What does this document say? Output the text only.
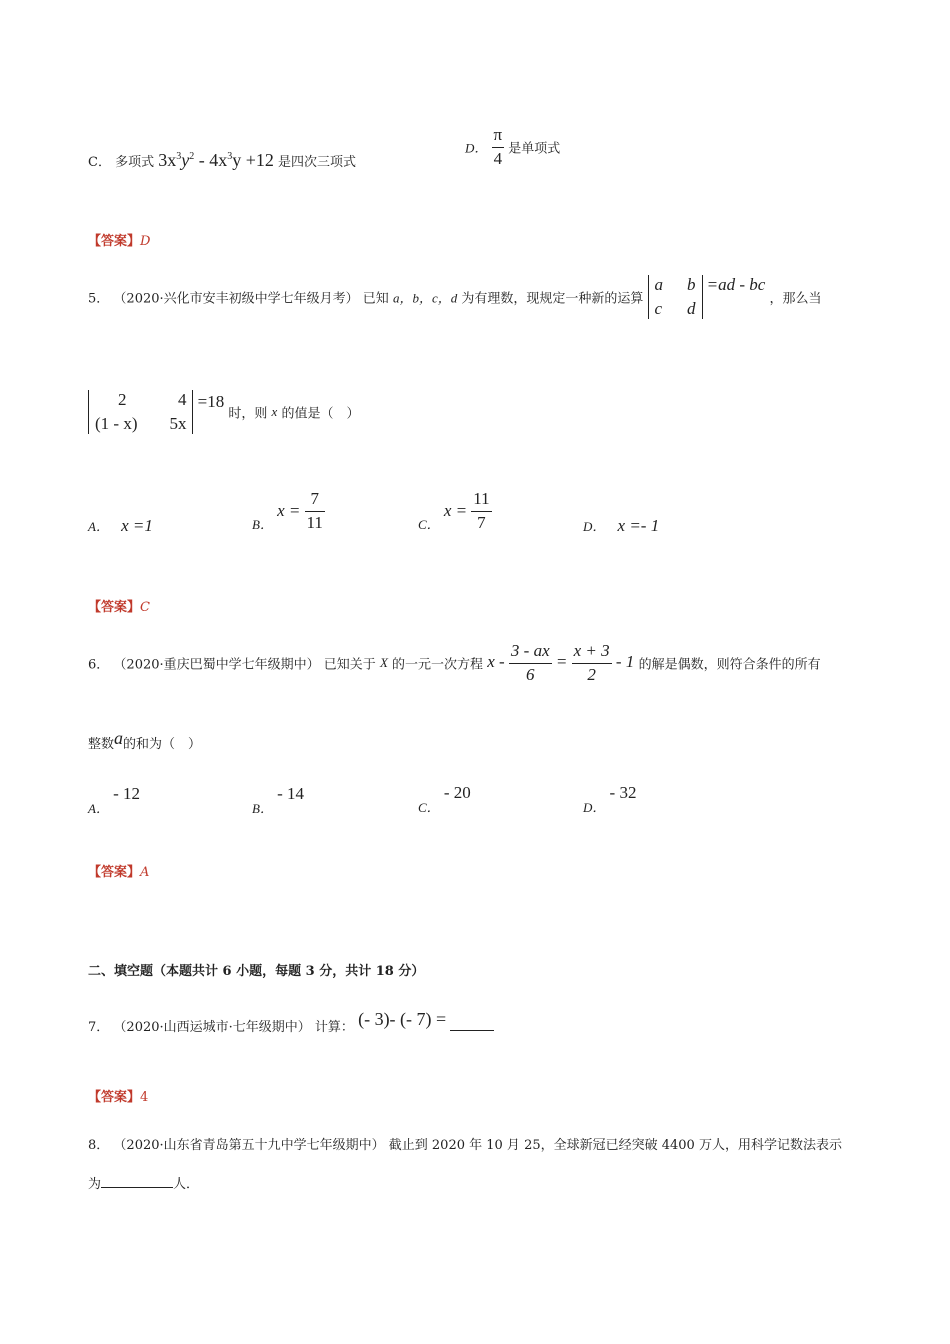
C． 多项式 $3x^3y^2 - 4x^3y +12$ 是四次三项式
D． $\frac{\pi}{4}$ 是单项式
【答案】D
5． （2020·兴化市安丰初级中学七年级月考） 已知 a，b，c，d 为有理数，现规定一种新的运算
a	b
c	d
=ad - bc ，那么当
2	4
(1 - x)	5x
=18 时，则 x 的值是（　）
A． x =1	B． $x = \frac{7}{11}$	C． $x = \frac{11}{7}$	D． x =- 1
【答案】C
6． （2020·重庆巴蜀中学七年级期中） 已知关于 X 的一元一次方程 $x - \frac{3 - ax}{6} = \frac{x + 3}{2} - 1$ 的解是偶数，则符合条件的所有
整数a的和为（　）
A． - 12
B． - 14
C． - 20
D． - 32
【答案】A
二、填空题（本题共计 6 小题，每题 3 分，共计 18 分）
7． （2020·山西运城市·七年级期中） 计算： (- 3)- (- 7) =
【答案】4
8． （2020·山东省青岛第五十九中学七年级期中） 截止到 2020 年 10 月 25，全球新冠已经突破 4400 万人，用科学记数法表示
为	人．
